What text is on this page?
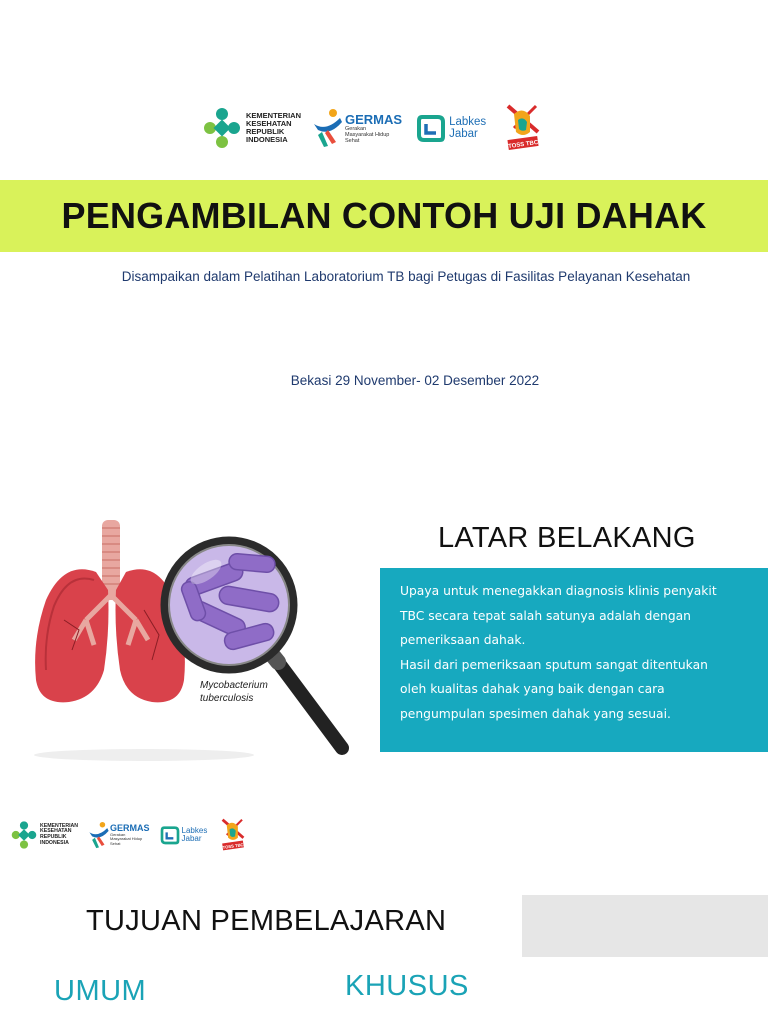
KEMENTERIAN KESEHATAN REPUBLIK INDONESIA
GERMAS
Gerakan Masyarakat Hidup Sehat
Labkes
Jabar
TOSS TBC
PENGAMBILAN CONTOH UJI DAHAK
Disampaikan dalam Pelatihan Laboratorium TB bagi Petugas di Fasilitas Pelayanan Kesehatan
Bekasi 29 November- 02 Desember 2022
Mycobacterium
tuberculosis
LATAR BELAKANG

Upaya untuk menegakkan diagnosis klinis penyakit
TBC secara tepat salah satunya adalah dengan
pemeriksaan dahak.
Hasil dari pemeriksaan sputum sangat ditentukan
oleh kualitas dahak yang baik dengan cara
pengumpulan spesimen dahak yang sesuai.

KEMENTERIAN KESEHATAN REPUBLIK INDONESIA
GERMAS
Gerakan Masyarakat Hidup Sehat
Labkes
Jabar
TOSS TBC
TUJUAN PEMBELAJARAN
UMUM	KHUSUS
